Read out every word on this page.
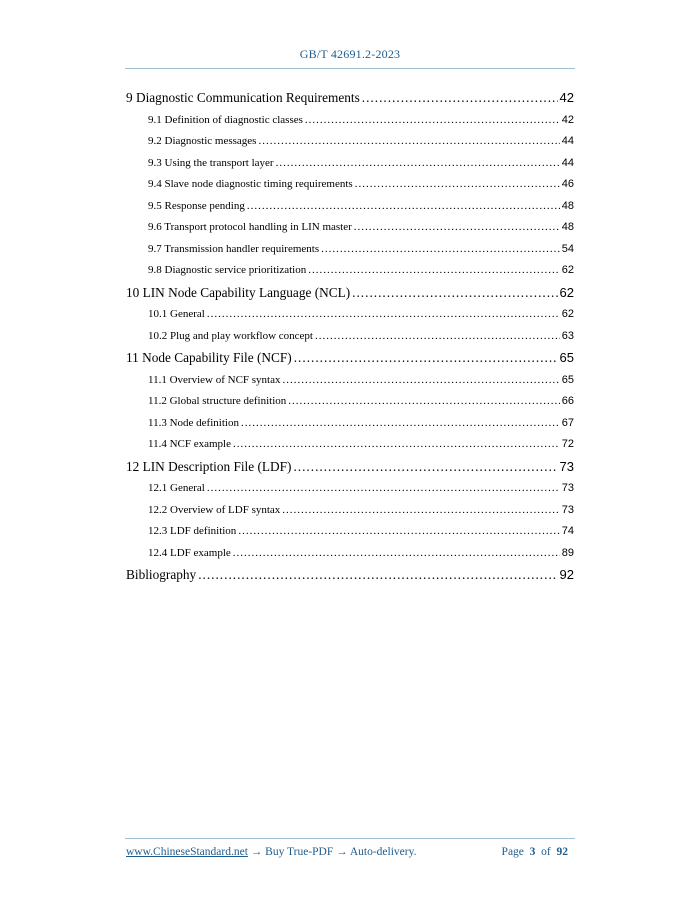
GB/T 42691.2-2023
9 Diagnostic Communication Requirements .....	42
9.1 Definition of diagnostic classes .....	42
9.2 Diagnostic messages .....	44
9.3 Using the transport layer .....	44
9.4 Slave node diagnostic timing requirements .....	46
9.5 Response pending .....	48
9.6 Transport protocol handling in LIN master .....	48
9.7 Transmission handler requirements .....	54
9.8 Diagnostic service prioritization .....	62
10 LIN Node Capability Language (NCL) .....	62
10.1 General .....	62
10.2 Plug and play workflow concept .....	63
11 Node Capability File (NCF) .....	65
11.1 Overview of NCF syntax .....	65
11.2 Global structure definition .....	66
11.3 Node definition .....	67
11.4 NCF example .....	72
12 LIN Description File (LDF) .....	73
12.1 General .....	73
12.2 Overview of LDF syntax .....	73
12.3 LDF definition .....	74
12.4 LDF example .....	89
Bibliography .....	92
www.ChineseStandard.net → Buy True-PDF → Auto-delivery.	Page 3 of 92
